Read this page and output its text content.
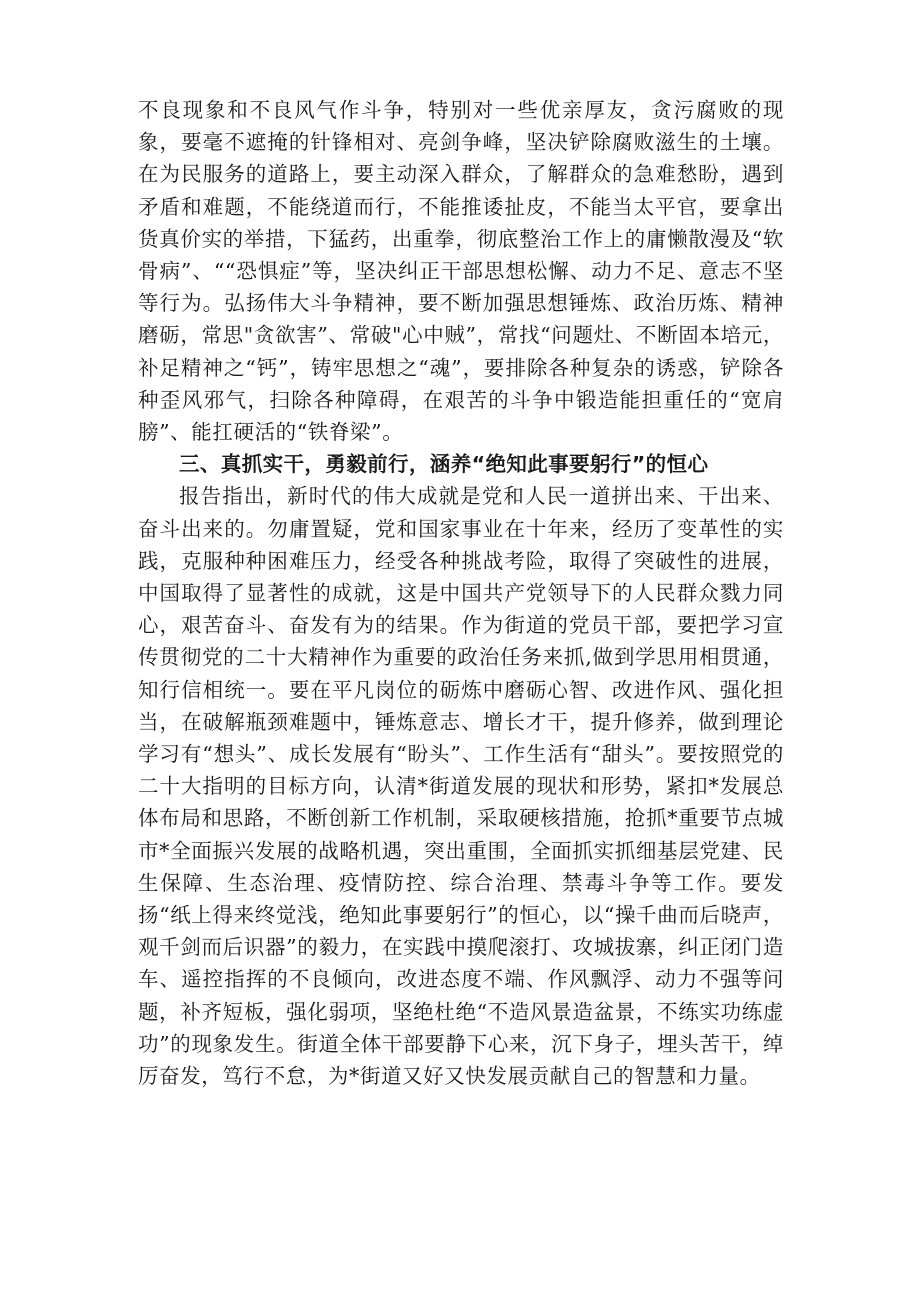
不良现象和不良风气作斗争，特别对一些优亲厚友，贪污腐败的现象，要毫不遮掩的针锋相对、亮剑争峰，坚决铲除腐败滋生的土壤。在为民服务的道路上，要主动深入群众，了解群众的急难愁盼，遇到矛盾和难题，不能绕道而行，不能推诿扯皮，不能当太平官，要拿出货真价实的举措，下猛药，出重拳，彻底整治工作上的庸懒散漫及“软骨病”、““恐惧症”等，坚决纠正干部思想松懈、动力不足、意志不坚等行为。弘扬伟大斗争精神，要不断加强思想锤炼、政治历炼、精神磨砺，常思"贪欲害”、常破"心中贼”，常找“问题灶、不断固本培元，补足精神之“钙”，铸牢思想之“魂”，要排除各种复杂的诱惑，铲除各种歪风邪气，扫除各种障碍，在艰苦的斗争中锻造能担重任的“宽肩膀”、能扛硬活的“铁脊梁”。

三、真抓实干，勇毅前行，涵养“绝知此事要躬行”的恒心

报告指出，新时代的伟大成就是党和人民一道拼出来、干出来、奋斗出来的。勿庸置疑，党和国家事业在十年来，经历了变革性的实践，克服种种困难压力，经受各种挑战考险，取得了突破性的进展，中国取得了显著性的成就，这是中国共产党领导下的人民群众戮力同心，艰苦奋斗、奋发有为的结果。作为街道的党员干部，要把学习宣传贯彻党的二十大精神作为重要的政治任务来抓,做到学思用相贯通，知行信相统一。要在平凡岗位的砺炼中磨砺心智、改进作风、强化担当，在破解瓶颈难题中，锤炼意志、增长才干，提升修养，做到理论学习有“想头”、成长发展有“盼头”、工作生活有“甜头”。要按照党的二十大指明的目标方向，认清*街道发展的现状和形势，紧扣*发展总体布局和思路，不断创新工作机制，采取硬核措施，抢抓*重要节点城市*全面振兴发展的战略机遇，突出重围，全面抓实抓细基层党建、民生保障、生态治理、疫情防控、综合治理、禁毒斗争等工作。要发扬“纸上得来终觉浅，绝知此事要躬行”的恒心，以“操千曲而后晓声，观千剑而后识器”的毅力，在实践中摸爬滚打、攻城拔寨，纠正闭门造车、遥控指挥的不良倾向，改进态度不端、作风飘浮、动力不强等问题，补齐短板，强化弱项，坚绝杜绝“不造风景造盆景，不练实功练虚功”的现象发生。街道全体干部要静下心来，沉下身子，埋头苦干，绰厉奋发，笃行不怠，为*街道又好又快发展贡献自己的智慧和力量。
